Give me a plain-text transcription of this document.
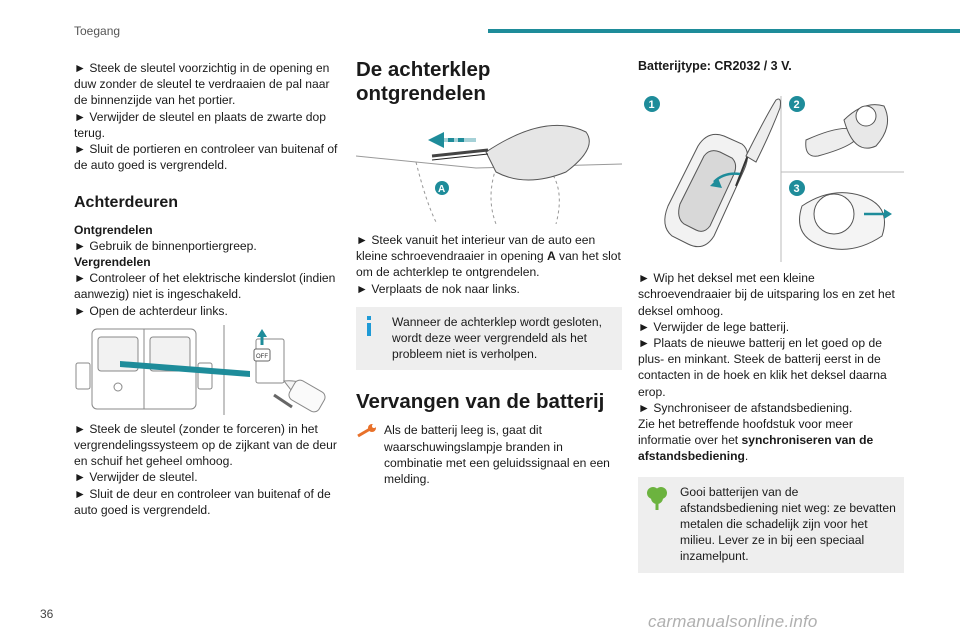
Toegang
36	carmanualsonline.info

► Steek de sleutel voorzichtig in de opening en duw zonder de sleutel te verdraaien de pal naar de binnenzijde van het portier.

► Verwijder de sleutel en plaats de zwarte dop terug.

► Sluit de portieren en controleer van buitenaf of de auto goed is vergrendeld.

Achterdeuren

Ontgrendelen

► Gebruik de binnenportiergreep.

Vergrendelen

► Controleer of het elektrische kinderslot (indien aanwezig) niet is ingeschakeld.

► Open de achterdeur links.

OFF

► Steek de sleutel (zonder te forceren) in het vergrendelingssysteem op de zijkant van de deur en schuif het geheel omhoog.

► Verwijder de sleutel.

► Sluit de deur en controleer van buitenaf of de auto goed is vergrendeld.

De achterklep ontgrendelen
A

► Steek vanuit het interieur van de auto een kleine schroevendraaier in opening A van het slot om de achterklep te ontgrendelen.

► Verplaats de nok naar links.

Wanneer de achterklep wordt gesloten, wordt deze weer vergrendeld als het probleem niet is verholpen.
Vervangen van de batterij
Als de batterij leeg is, gaat dit waarschuwingslampje branden in combinatie met een geluidssignaal en een melding.

Batterijtype: CR2032 / 3 V.

1	2
3

► Wip het deksel met een kleine schroevendraaier bij de uitsparing los en zet het deksel omhoog.

► Verwijder de lege batterij.

► Plaats de nieuwe batterij en let goed op de plus- en minkant. Steek de batterij eerst in de contacten in de hoek en klik het deksel daarna erop.

► Synchroniseer de afstandsbediening.

Zie het betreffende hoofdstuk voor meer informatie over het synchroniseren van de afstandsbediening.

Gooi batterijen van de afstandsbediening niet weg: ze bevatten metalen die schadelijk zijn voor het milieu. Lever ze in bij een speciaal inzamelpunt.
